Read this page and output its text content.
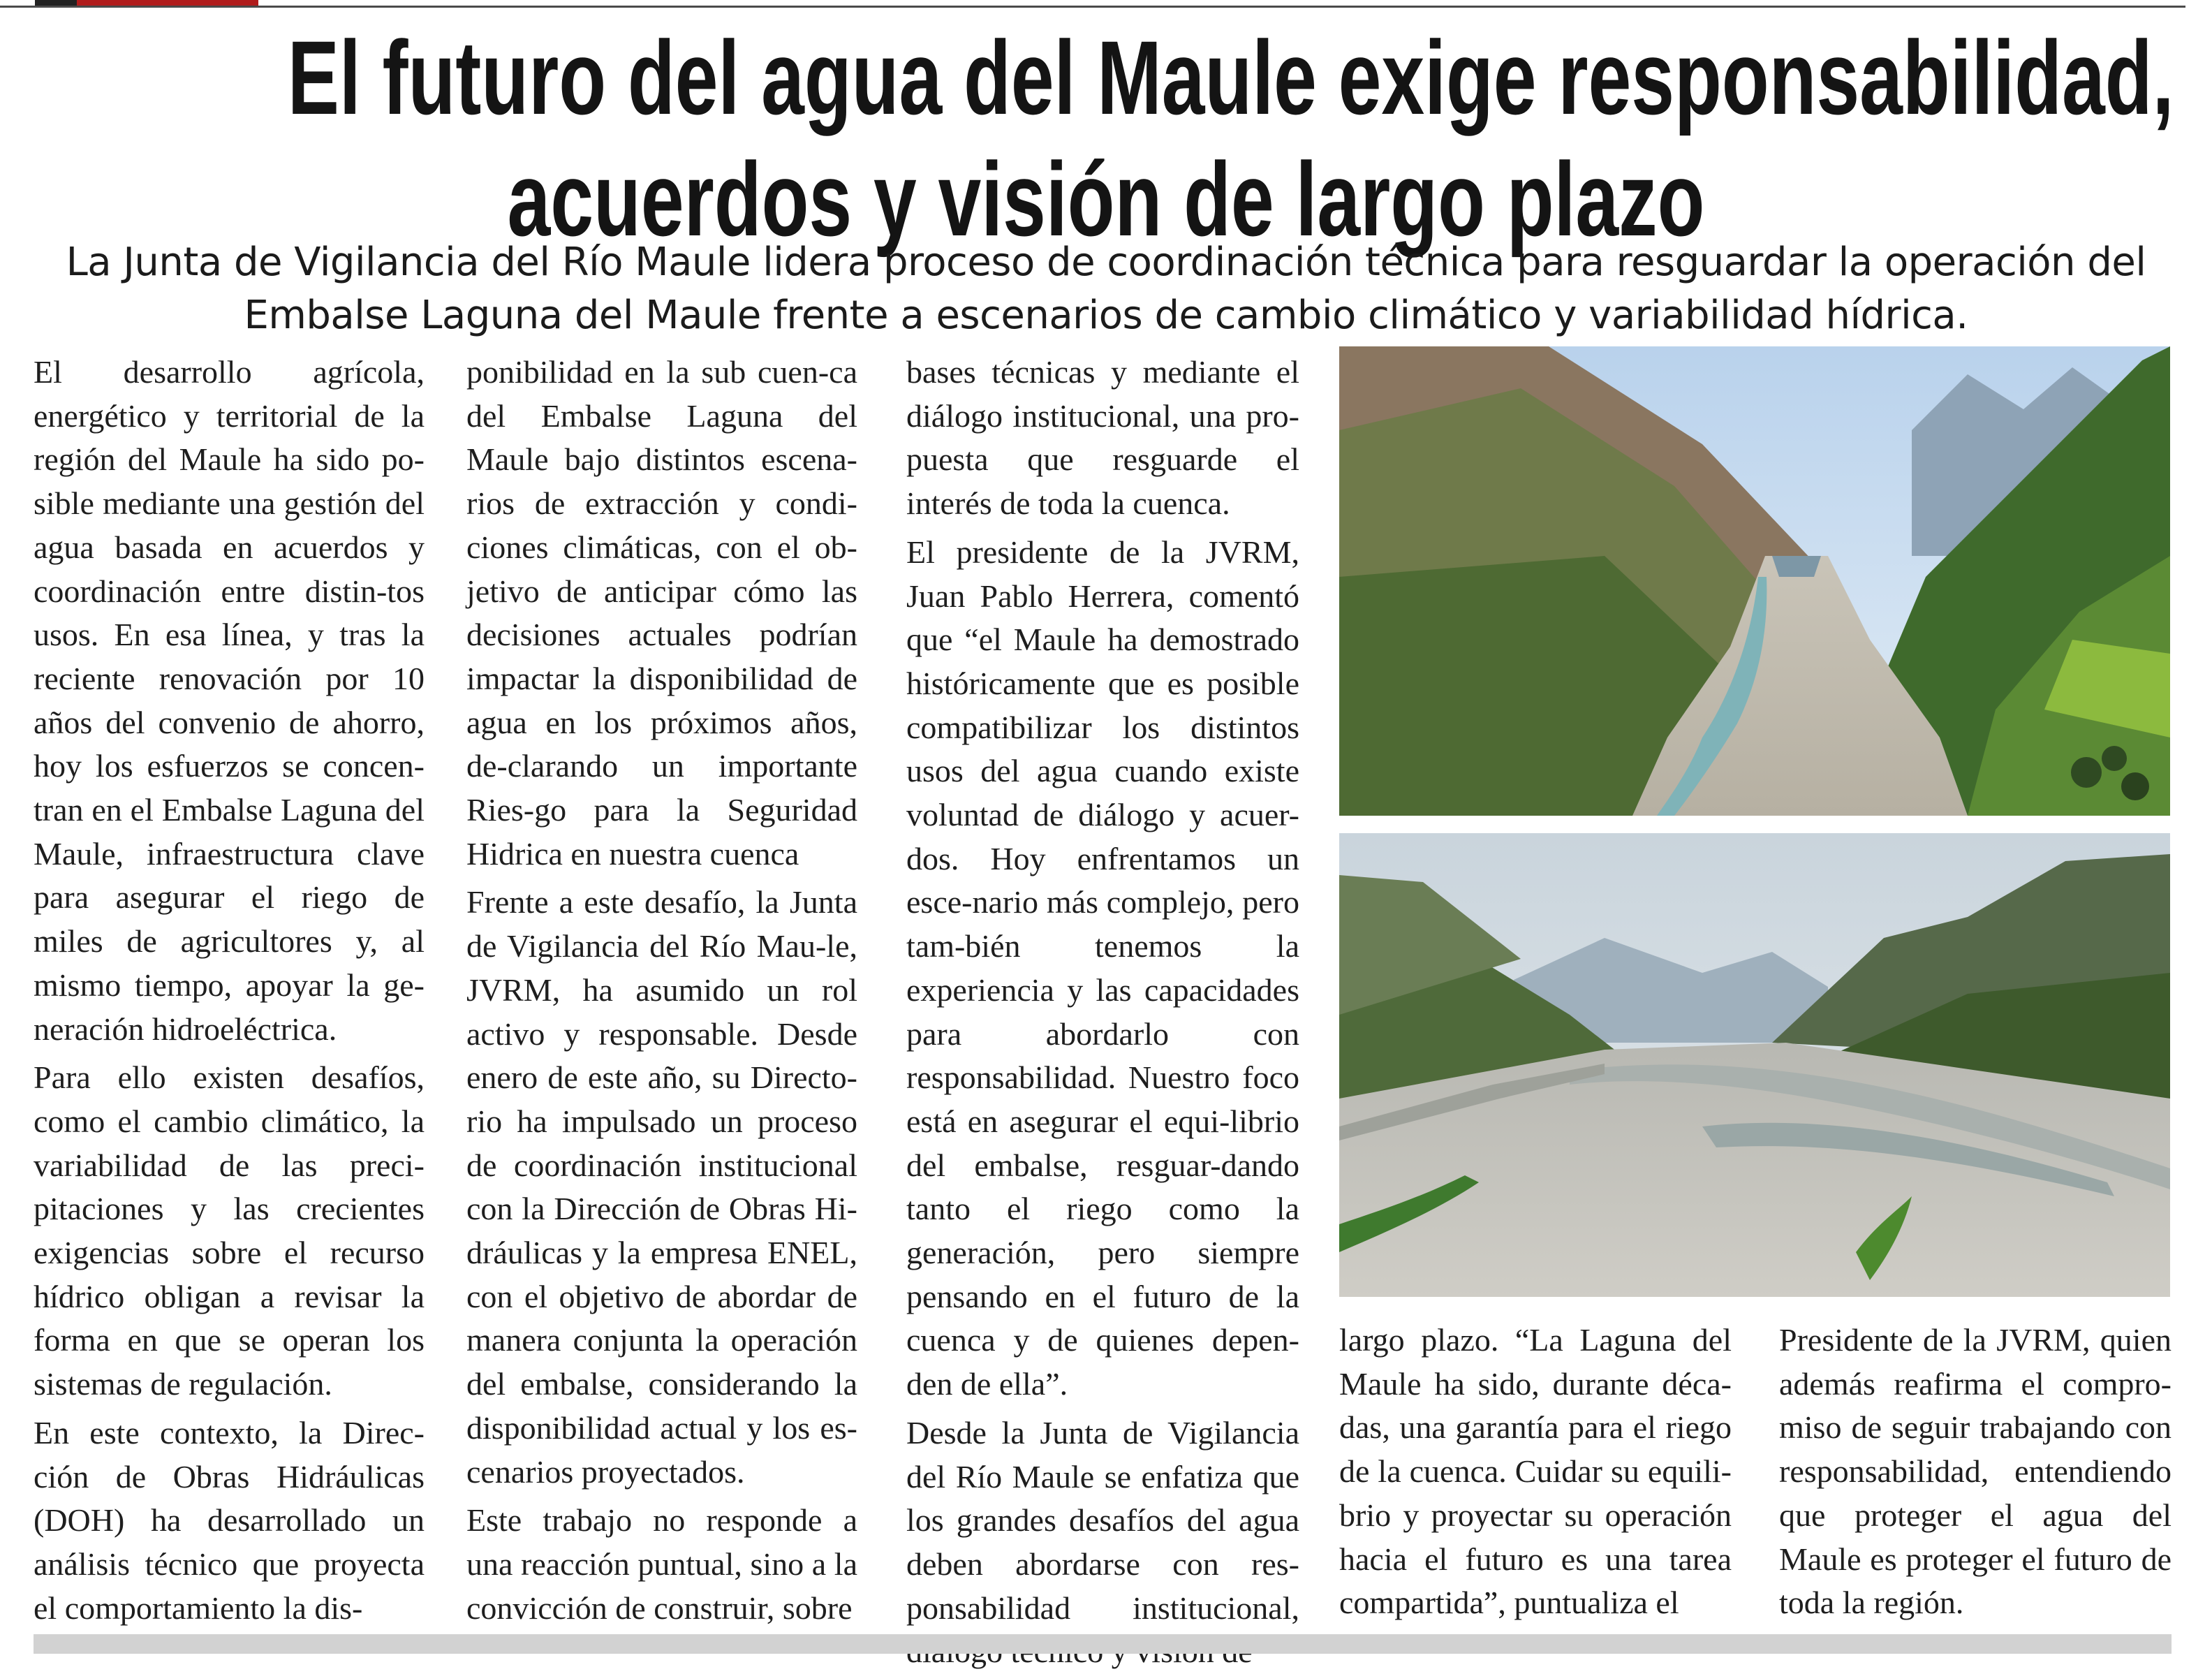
El futuro del agua del Maule exige responsabilidad,
acuerdos y visión de largo plazo

La Junta de Vigilancia del Río Maule lidera proceso de coordinación técnica para resguardar la operación del Embalse Laguna del Maule frente a escenarios de cambio climático y variabilidad hídrica.

El desarrollo agrícola, energético y territorial de la región del Maule ha sido po-sible mediante una gestión del agua basada en acuerdos y coordinación entre distin-tos usos. En esa línea, y tras la reciente renovación por 10 años del convenio de ahorro, hoy los esfuerzos se concen-tran en el Embalse Laguna del Maule, infraestructura clave para asegurar el riego de miles de agricultores y, al mismo tiempo, apoyar la ge-neración hidroeléctrica.

Para ello existen desafíos, como el cambio climático, la variabilidad de las preci-pitaciones y las crecientes exigencias sobre el recurso hídrico obligan a revisar la forma en que se operan los sistemas de regulación.

En este contexto, la Direc-ción de Obras Hidráulicas (DOH) ha desarrollado un análisis técnico que proyecta el comportamiento la dis-

ponibilidad en la sub cuen-ca del Embalse Laguna del Maule bajo distintos escena-rios de extracción y condi-ciones climáticas, con el ob-jetivo de anticipar cómo las decisiones actuales podrían impactar la disponibilidad de agua en los próximos años, de-clarando un importante Ries-go para la Seguridad Hidrica en nuestra cuenca

Frente a este desafío, la Junta de Vigilancia del Río Mau-le, JVRM, ha asumido un rol activo y responsable. Desde enero de este año, su Directo-rio ha impulsado un proceso de coordinación institucional con la Dirección de Obras Hi-dráulicas y la empresa ENEL, con el objetivo de abordar de manera conjunta la operación del embalse, considerando la disponibilidad actual y los es-cenarios proyectados.

Este trabajo no responde a una reacción puntual, sino a la convicción de construir, sobre

bases técnicas y mediante el diálogo institucional, una pro-puesta que resguarde el interés de toda la cuenca.

El presidente de la JVRM, Juan Pablo Herrera, comentó que “el Maule ha demostrado históricamente que es posible compatibilizar los distintos usos del agua cuando existe voluntad de diálogo y acuer-dos. Hoy enfrentamos un esce-nario más complejo, pero tam-bién tenemos la experiencia y las capacidades para abordarlo con responsabilidad. Nuestro foco está en asegurar el equi-librio del embalse, resguar-dando tanto el riego como la generación, pero siempre pensando en el futuro de la cuenca y de quienes depen-den de ella”.

Desde la Junta de Vigilancia del Río Maule se enfatiza que los grandes desafíos del agua deben abordarse con res-ponsabilidad institucional,

largo plazo. “La Laguna del Maule ha sido, durante déca-das, una garantía para el riego de la cuenca. Cuidar su equili-brio y proyectar su operación hacia el futuro es una tarea compartida”, puntualiza el

Presidente de la JVRM, quien además reafirma el compro-miso de seguir trabajando con responsabilidad, entendiendo que proteger el agua del Maule es proteger el futuro de toda la región.
